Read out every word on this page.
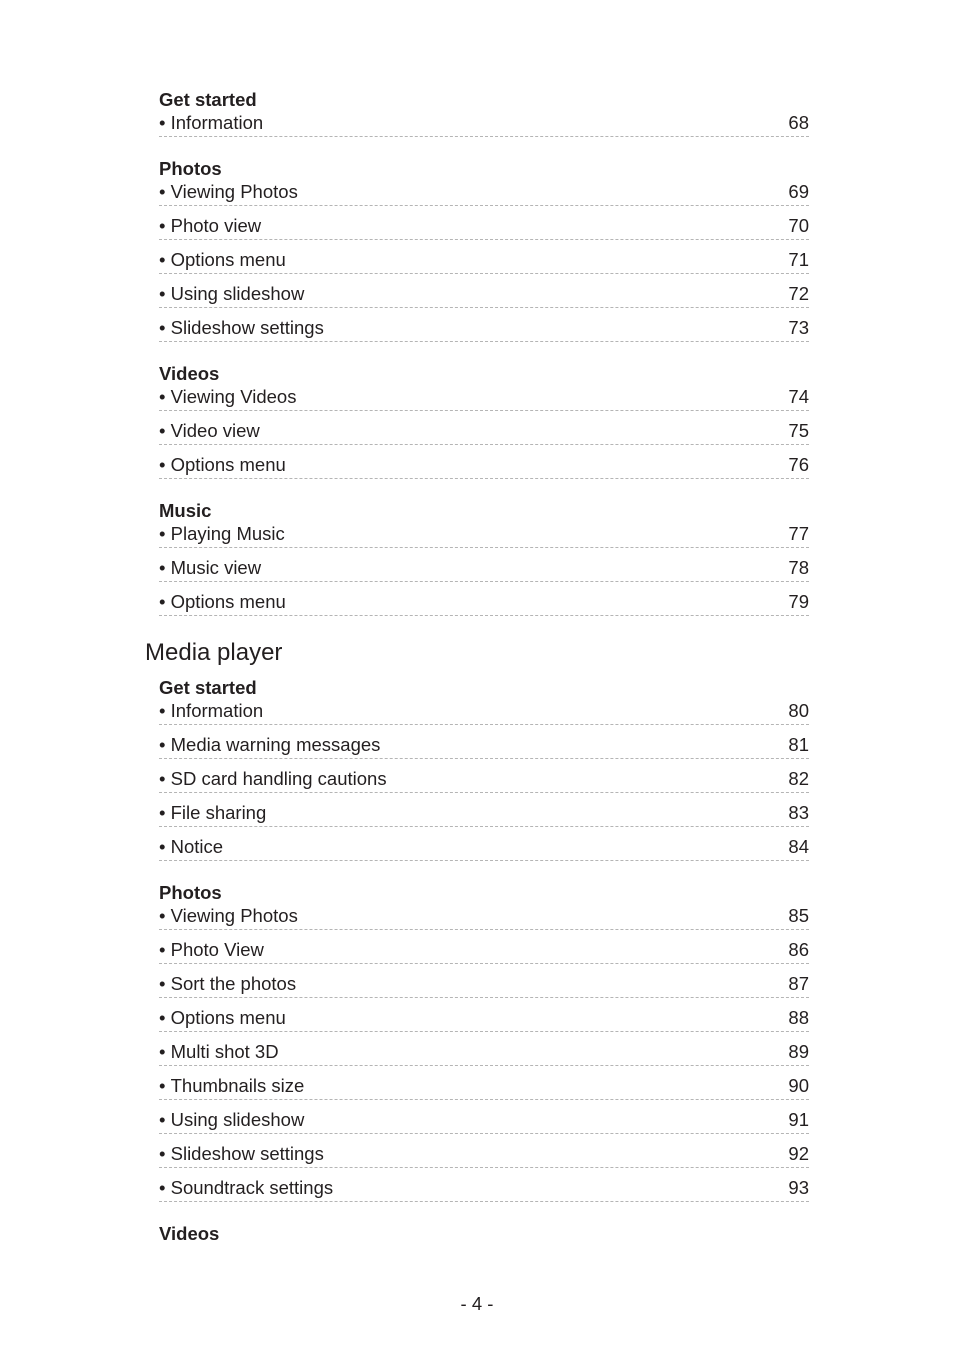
Get started
• Information	68
Photos
• Viewing Photos	69
• Photo view	70
• Options menu	71
• Using slideshow	72
• Slideshow settings	73
Videos
• Viewing Videos	74
• Video view	75
• Options menu	76
Music
• Playing Music	77
• Music view	78
• Options menu	79
Media player
Get started
• Information	80
• Media warning messages	81
• SD card handling cautions	82
• File sharing	83
• Notice	84
Photos
• Viewing Photos	85
• Photo View	86
• Sort the photos	87
• Options menu	88
• Multi shot 3D	89
• Thumbnails size	90
• Using slideshow	91
• Slideshow settings	92
• Soundtrack settings	93
Videos
- 4 -
